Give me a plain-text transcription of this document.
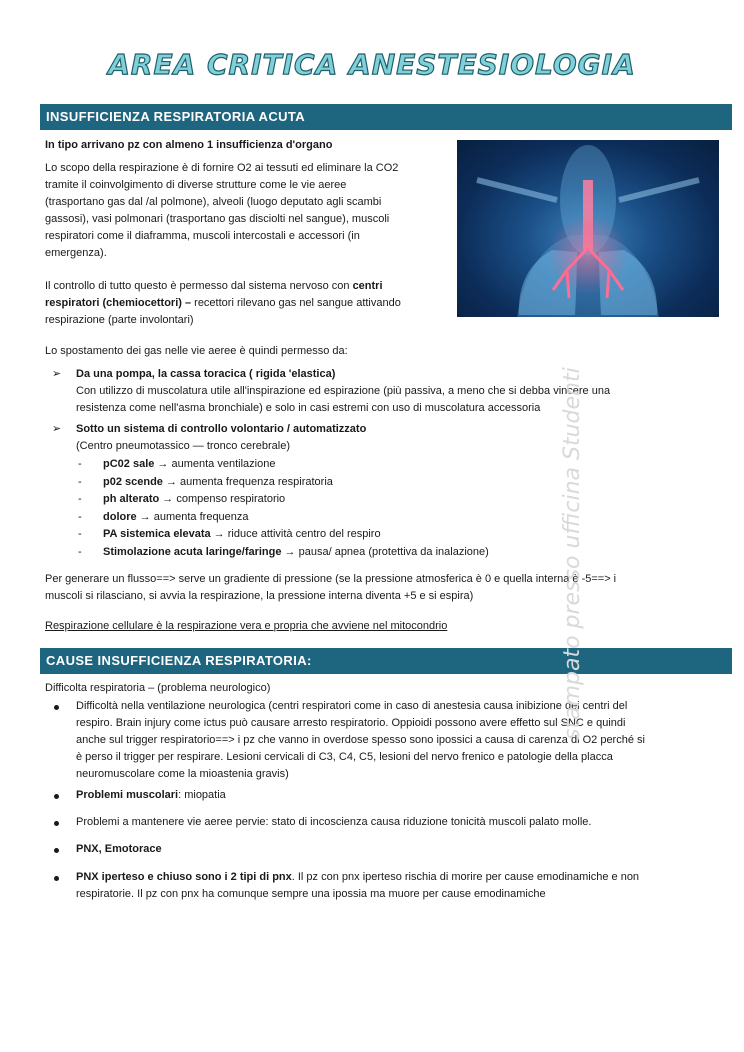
AREA CRITICA ANESTESIOLOGIA
INSUFFICIENZA RESPIRATORIA ACUTA
In tipo arrivano pz con almeno 1 insufficienza d'organo
Lo scopo della respirazione è di fornire O2 ai tessuti ed eliminare la CO2
tramite il coinvolgimento di diverse strutture come le vie aeree
(trasportano gas dal /al polmone), alveoli (luogo deputato agli scambi
gassosi), vasi polmonari (trasportano gas disciolti nel sangue), muscoli
respiratori come il diaframma, muscoli intercostali e accessori (in
emergenza).
Il controllo di tutto questo è permesso dal sistema nervoso con centri
respiratori (chemiocettori) – recettori rilevano gas nel sangue attivando
respirazione (parte involontari)
Lo spostamento dei gas nelle vie aeree è quindi permesso da:
➢ Da una pompa, la cassa toracica ( rigida 'elastica)
Con utilizzo di muscolatura utile all'inspirazione ed espirazione (più passiva, a meno che si debba vincere una
resistenza come nell'asma bronchiale) e solo in casi estremi con uso di muscolatura accessoria
➢ Sotto un sistema di controllo volontario / automatizzato
(Centro pneumotassico — tronco cerebrale)
- pC02 sale → aumenta ventilazione
- p02 scende → aumenta frequenza respiratoria
- ph alterato → compenso respiratorio
- dolore → aumenta frequenza
- PA sistemica elevata → riduce attività centro del respiro
- Stimolazione acuta laringe/faringe → pausa/ apnea (protettiva da inalazione)
Per generare un flusso==> serve un gradiente di pressione (se la pressione atmosferica è 0 e quella interna è -5==> i
muscoli si rilasciano, si avvia la respirazione, la pressione interna diventa +5 e si espira)
Respirazione cellulare è la respirazione vera e propria che avviene nel mitocondrio
CAUSE INSUFFICIENZA RESPIRATORIA:
Difficolta respiratoria – (problema neurologico)
Difficoltà nella ventilazione neurologica (centri respiratori come in caso di anestesia causa inibizione dei centri del
respiro. Brain injury come ictus può causare arresto respiratorio. Oppioidi possono avere effetto sul SNC e quindi
anche sul trigger respiratorio==> i pz che vanno in overdose spesso sono ipossici a causa di carenza di O2 perché si
è perso il trigger per respirare. Lesioni cervicali di C3, C4, C5, lesioni del nervo frenico e patologie della placca
neuromuscolare come la mioastenia gravis)
Problemi muscolari: miopatia
Problemi a mantenere vie aeree pervie: stato di incoscienza causa riduzione tonicità muscoli palato molle.
PNX, Emotorace
PNX iperteso e chiuso sono i 2 tipi di pnx. Il pz con pnx iperteso rischia di morire per cause emodinamiche e non
respiratorie. Il pz con pnx ha comunque sempre una ipossia ma muore per cause emodinamiche
stampato presso ufficina Studenti
